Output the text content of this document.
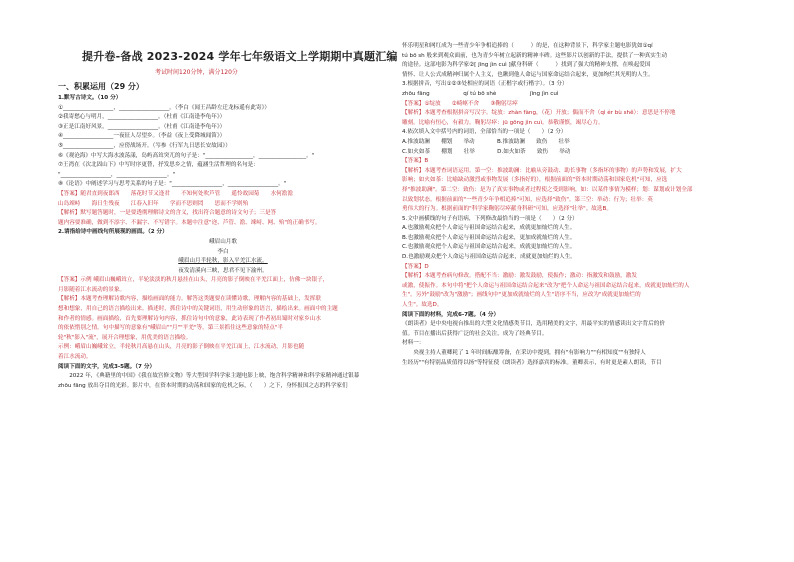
提升卷-备战 2023-2024 学年七年级语文上学期期中真题汇编
考试时间120分钟，满分120分
一、积累运用（29 分）
1.默写古诗文。（10 分）
①__________________，__________________。（李白《闻王昌龄左迁龙标遥有此寄》）
②我寄愁心与明月，__________________。（杜甫《江南逢李龟年》）
③正是江南好风景，__________________。（杜甫《江南逢李龟年》）
④__________________一夜征人尽望乡。（李益《夜上受降城闻笛》）
⑤__________________，应傍战场开。（岑参《行军九日思长安故园》）
⑥《观沧海》中写大海水波荡漾，岛屿高耸突兀的句子是："_________________，_________________。"
⑦王湾在《次北固山下》中写时序更替，抒发思乡之情，蕴涵生活哲理的名句是：
"__________________，__________________。"
⑧《论语》中阐述学习与思考关系的句子是："__________________，__________________。"
【答案】随君直到夜郎西　　落花时节又逢君　　不知何处吹芦管　　遥怜故园菊　　水何澹澹
山岛竦峙　　海日生残夜　　江春入旧年　　学而不思则罔　　思而不学则殆
【解析】默写题答题时，一是要透彻理解诗文的含义，找出符合题意的诗文句子；三是答
题内容要准确，做到不添字、不漏字、不写错字。本题中注意"迩、芦管、澹、竦峙、网、殆"的正确书写。
2.请指给诗中画线句所展现的画面。（2 分）
峨眉山月歌
李白
峨眉山月半轮秋，影入平羌江水流。
夜发清溪向三峡，思君不见下渝州。
【答案】示例 峨眉山巍峨耸立，半轮淡淡的秋月悬挂在山头，月亮的影子倒映在平羌江面上，仿佛一块银子，
月影随着江水流动的景象。
【解析】本题考查理解诗歌内容，描绘画面的能力。解答这类题要在读懂诗歌，理解内容的基础上，发挥联
想和想象，用自己的语言描绘出来。描述时，抓住诗中的关键词语，用生动形象的语言，描绘出来。画面中的主题
和作者的情感。画面描绘，首先要理解诗句内容，抓住诗句中的意象，此诗表现了作者初出蜀时对家乡山水
的依依惜别之情。句中描写的意象有"峨眉山""月""平羌"等，第三景抓住这些意象的特点"半
轮"秋"影入"流"，展开合理想象，用优美的语言描绘。
示例：峨眉山巍峨耸立，半轮秋月高悬在山头，月亮的影子倒映在平羌江面上，江水流动，月影也随
着江水流动。
阅读下面的文字，完成3-5题。（7 分）
　　2022 年，《典籍里的中国》《我在故宫修文物》等大型国学科学家主题电影上映，饱含科学精神和科学家精神通过银幕
zhōu fāng 放出夺目的光彩。影片中，在资本时期的动荡和国家的危机之际，（　　）之下，身怀报国之志的科学家们
怀乐明星和网红成为一些青少年争相追捧的（　　　）的是，在这种背景下，科学家主题电影犹如①qí
tú bō sh 般来到观众面前，也为青少年树立起新的精神丰碑。这些影片以创新的手法，提供了一种真实生动
的途径。这部电影为科学家②[ jīng jìn cuì ]献身科研（　　　）找到了强大的精神支撑，在唤起爱国
情怀、让人公式成精神归属个人主义，也瞅到他人命运与国家命运结合起来，更加绚烂其光明的人生。
3.根据拼音，写出①②③处相应的词语（正楷字或行楷字）。（3 分）
zhōu fāng　　　　　　qí tú bō shè　　　　　　jīng jìn cuì
【答案】①绽放　　②崎岖不舍　　③鞠躬尽瘁
【解析】本题考查根据拼音写汉字。绽放：zhàn fàng，（花）开放；偶而不舍（qì ér bù shě）：意思是不停地
雕刻。比喻有恒心，有毅力。鞠躬尽瘁：jū gōng jìn cuì。恭敬谨慎，竭尽心力。
4.依次填入文中括号内的词语，全部恰当的一项是（　　）（2 分）
A.推波助澜　　棚划　　举动　　　　B.推波助澜　　致伤　　壮举
C.如火如茶　　棚划　　壮举　　　　D.如火如荼　　致伤　　举动
【答案】B
【解析】本题考查词语运用。第一空：推波助澜：比喻从旁鼓动、助长事物（多指坏的事物）的声势和发展，扩大
影响；如火如茶：比喻缺动激烈或事物发展（多指好的），根据前面的"资本时期动荡和国家危机"可知，应选
择"推波助澜"。第二空：致伤：是为了真实事物或者过程使之受到影响，如：以某件事情为模样；划：谋划或计划全部
以致划状态。根据前面的"一些青少年争相追捧"可知，应选择"致伤"。第三空：举动：行为；壮举：英
勇伟大的行为。根据前面的"科学家鞠躬尽瘁献身科研"可知，应选择"壮举"。故选B。
5.文中画横线的句子有语病，下列修改最恰当的一项是（　　）（2 分）
A.也激励观众把个人命运与祖国命运结合起来，成就更加灿烂的人生。
B.也激励观众把个人命运与祖国命运结合起来，更加成就灿烂的人生。
C.也激励观众把个人命运与祖国命运结合起来，成就更加灿烂的人生。
D.也激励观众把个人命运与祖国命运结合起来，成就更加灿烂的人生。
【答案】D
【解析】本题考查病句修改。搭配不当：激励：激发鼓励，使振作；激动：指激发和鼓励，激发
或激，使振作。本句中将"把个人命运与祖国命运结合起来"改为"把个人命运与祖国命运结合起来，成就更加灿烂的人
生"。另外"鼓励"改为"激励"；画线句中"更加成就灿烂的人生"语序不当，应改为"成就更加灿烂的
人生"。故选D。
阅读下面的材料，完成6-7题。（4 分）
《朗读者》是中央电视台推出的大型文化情感类节目，选用精美的文字，用最平实的情感读出文字背后的价
值。节目在播出后获得广泛的社会关注，成为了经典节目。
材料一：
　　央视主持人董卿耗了 1 年时间酝酿筹备，在采访中提到，拥有"有影响力""有相知度""有独特人
生经历""有特别品质值得以扬"等特征使《朗读者》选择嘉宾的标准。董卿表示，有时更是素人朗读，节目
